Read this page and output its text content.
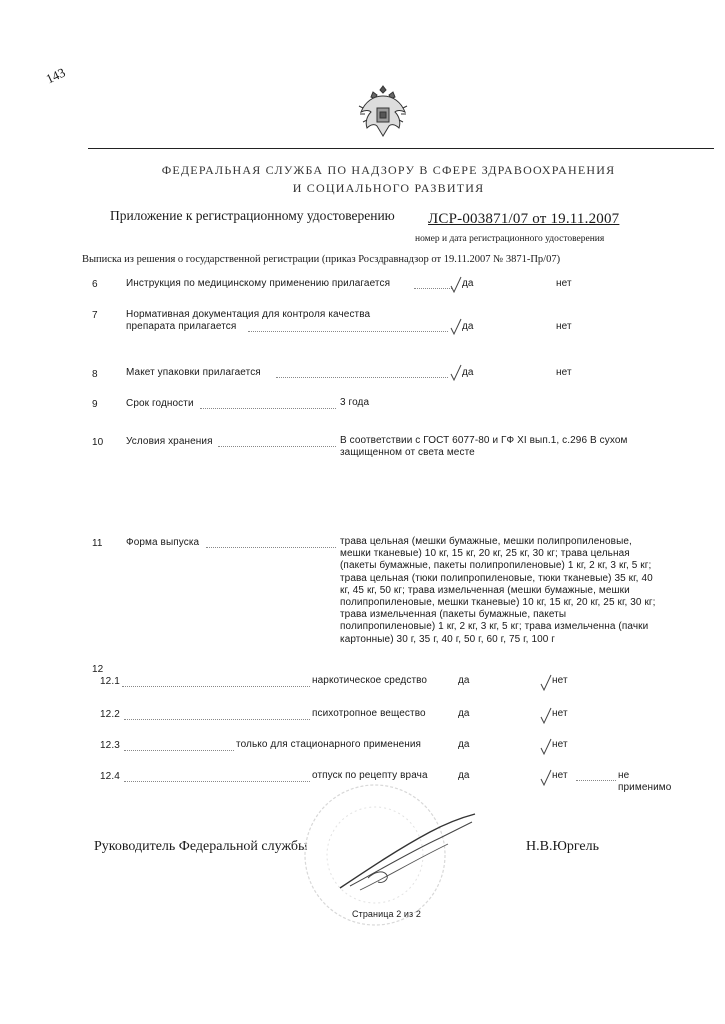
143
ФЕДЕРАЛЬНАЯ СЛУЖБА ПО НАДЗОРУ В СФЕРЕ ЗДРАВООХРАНЕНИЯ
И СОЦИАЛЬНОГО РАЗВИТИЯ
Приложение к регистрационному удостоверению ЛСР-003871/07 от 19.11.2007
номер и дата регистрационного удостоверения
Выписка из решения о государственной регистрации (приказ Росздравнадзор от 19.11.2007 № 3871-Пр/07)
6	Инструкция по медицинскому применению прилагается	да	нет
7	Нормативная документация для контроля качества
препарата прилагается	да	нет
8	Макет упаковки прилагается	да	нет
9	Срок годности	3 года
10 Условия хранения	В соответствии с ГОСТ 6077-80 и ГФ XI вып.1, с.296 В сухом защищенном от света месте
11 Форма выпуска	трава цельная (мешки бумажные, мешки полипропиленовые, мешки тканевые) 10 кг, 15 кг, 20 кг, 25 кг, 30 кг; трава цельная (пакеты бумажные, пакеты полипропиленовые) 1 кг, 2 кг, 3 кг, 5 кг; трава цельная (тюки полипропиленовые, тюки тканевые) 35 кг, 40 кг, 45 кг, 50 кг; трава измельченная (мешки бумажные, мешки полипропиленовые, мешки тканевые) 10 кг, 15 кг, 20 кг, 25 кг, 30 кг; трава измельченная (пакеты бумажные, пакеты полипропиленовые) 1 кг, 2 кг, 3 кг, 5 кг; трава измельченна (пачки картонные) 30 г, 35 г, 40 г, 50 г, 60 г, 75 г, 100 г
12
12.1	наркотическое средство	да	нет
12.2	психотропное вещество	да	нет
12.3	только для стационарного применения	да	нет
12.4	отпуск по рецепту врача	да	нет	не
применимо
Руководитель Федеральной службы	Н.В.Юргель
Страница 2 из 2
